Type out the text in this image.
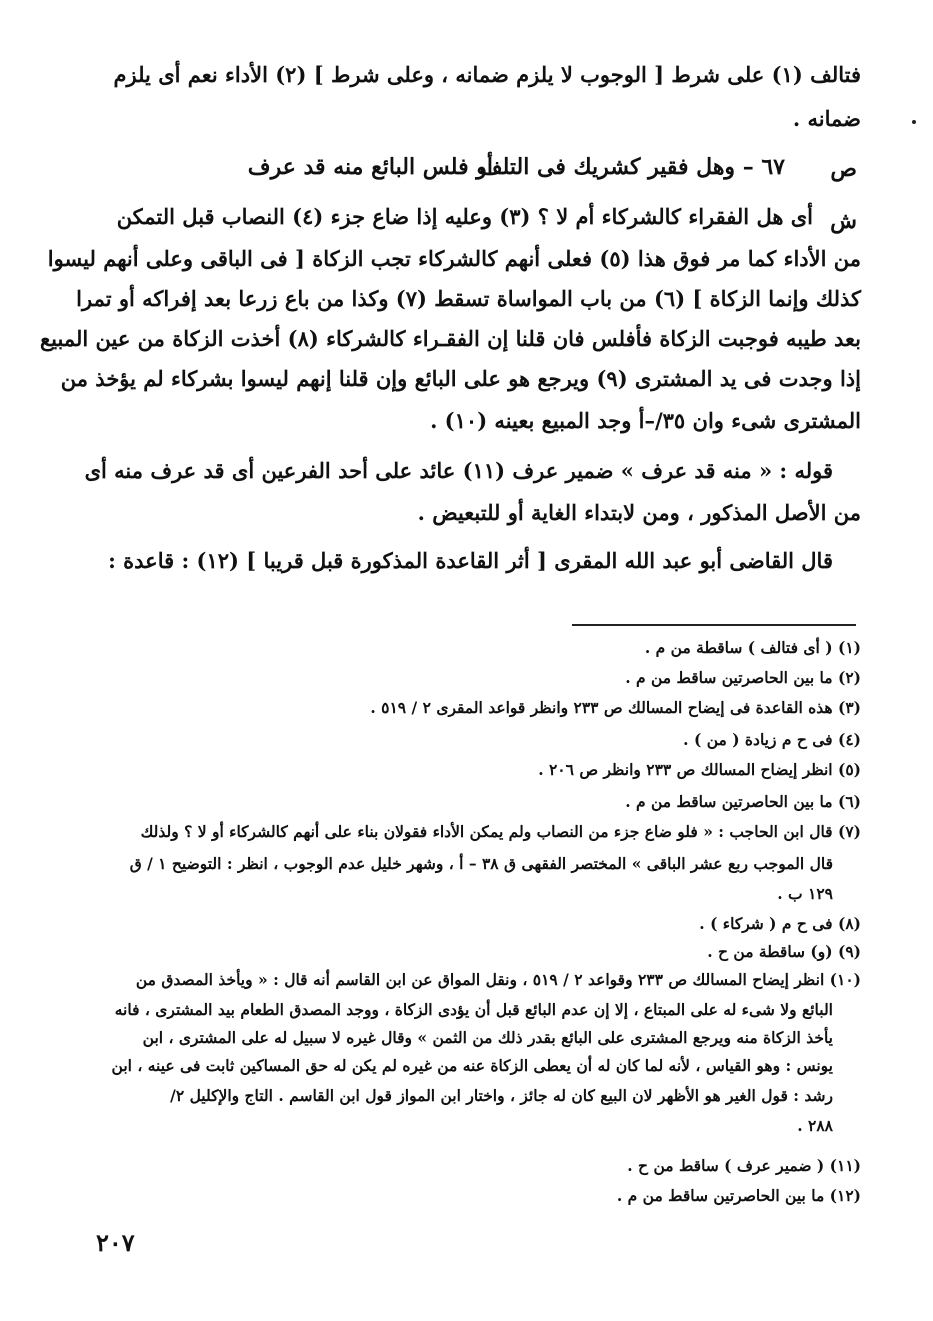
فتالف (١) على شرط [ الوجوب لا يلزم ضمانه ، وعلى شرط ] (٢) الأداء نعم أى يلزم
ضمانه .
ص
٦٧ – وهل فقير كشريك فى التلف
أو فلس البائع منه قد عرف
ش
أى هل الفقراء كالشركاء أم لا ؟ (٣) وعليه إذا ضاع جزء (٤) النصاب قبل التمكن
من الأداء كما مر فوق هذا (٥) فعلى أنهم كالشركاء تجب الزكاة [ فى الباقى وعلى أنهم ليسوا
كذلك وإنما الزكاة ] (٦) من باب المواساة تسقط (٧) وكذا من باع زرعا بعد إفراكه أو تمرا
بعد طيبه فوجبت الزكاة فأفلس فان قلنا إن الفقـراء كالشركاء (٨) أخذت الزكاة من عين المبيع
إذا وجدت فى يد المشترى (٩) ويرجع هو على البائع وإن قلنا إنهم ليسوا بشركاء لم يؤخذ من
المشترى شىء وان ٣٥/–أ وجد المبيع بعينه (١٠) .
قوله : « منه قد عرف » ضمير عرف (١١) عائد على أحد الفرعين أى قد عرف منه أى
من الأصل المذكور ، ومن لابتداء الغاية أو للتبعيض .
قال القاضى أبو عبد الله المقرى [ أثر القاعدة المذكورة قبل قريبا ] (١٢) : قاعدة :
(١) ( أى فتالف ) ساقطة من م .
(٢) ما بين الحاصرتين ساقط من م .
(٣) هذه القاعدة فى إيضاح المسالك ص ٢٣٣ وانظر قواعد المقرى ٢ / ٥١٩ .
(٤) فى ح م زيادة ( من ) .
(٥) انظر إيضاح المسالك ص ٢٣٣ وانظر ص ٢٠٦ .
(٦) ما بين الحاصرتين ساقط من م .
(٧) قال ابن الحاجب : « فلو ضاع جزء من النصاب ولم يمكن الأداء فقولان بناء على أنهم كالشركاء أو لا ؟ ولذلك
قال الموجب ربع عشر الباقى » المختصر الفقهى ق ٣٨ – أ ، وشهر خليل عدم الوجوب ، انظر : التوضيح ١ / ق
١٢٩ ب .
(٨) فى ح م ( شركاء ) .
(٩) (و) ساقطة من ح .
(١٠) انظر إيضاح المسالك ص ٢٣٣ وقواعد ٢ / ٥١٩ ، ونقل المواق عن ابن القاسم أنه قال : « ويأخذ المصدق من
البائع ولا شىء له على المبتاع ، إلا إن عدم البائع قبل أن يؤدى الزكاة ، ووجد المصدق الطعام بيد المشترى ، فانه
يأخذ الزكاة منه ويرجع المشترى على البائع بقدر ذلك من الثمن » وقال غيره لا سبيل له على المشترى ، ابن
يونس : وهو القياس ، لأنه لما كان له أن يعطى الزكاة عنه من غيره لم يكن له حق المساكين ثابت فى عينه ، ابن
رشد : قول الغير هو الأظهر لان البيع كان له جائز ، واختار ابن المواز قول ابن القاسم . التاج والإكليل ٢/
٢٨٨ .
(١١) ( ضمير عرف ) ساقط من ح .
(١٢) ما بين الحاصرتين ساقط من م .
٢٠٧
